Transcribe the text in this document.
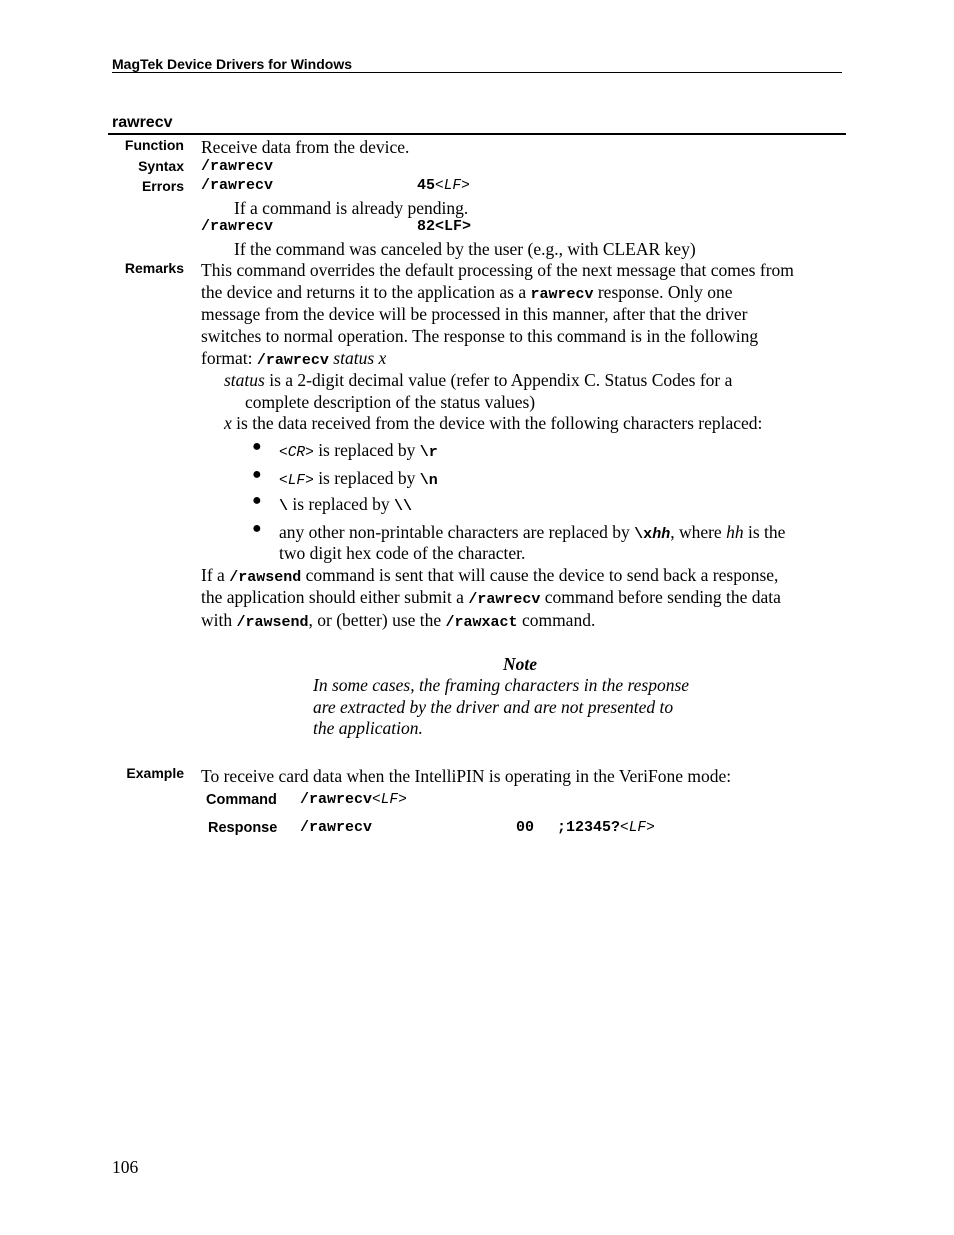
MagTek Device Drivers for Windows
rawrecv
Function Receive data from the device.
Syntax /rawrecv
Errors /rawrecv	45<LF>
If a command is already pending.
/rawrecv	82<LF>
If the command was canceled by the user (e.g., with CLEAR key)
Remarks This command overrides the default processing of the next message that comes from
the device and returns it to the application as a rawrecv response. Only one
message from the device will be processed in this manner, after that the driver
switches to normal operation. The response to this command is in the following
format: /rawrecv status x
status is a 2-digit decimal value (refer to Appendix C. Status Codes for a
complete description of the status values)
x is the data received from the device with the following characters replaced:
● <CR> is replaced by \r
● <LF> is replaced by \n
● \ is replaced by \\
● any other non-printable characters are replaced by \xhh, where hh is the
two digit hex code of the character.
If a /rawsend command is sent that will cause the device to send back a response,
the application should either submit a /rawrecv command before sending the data
with /rawsend, or (better) use the /rawxact command.
Note
In some cases, the framing characters in the response
are extracted by the driver and are not presented to
the application.
Example To receive card data when the IntelliPIN is operating in the VeriFone mode:
Command /rawrecv<LF>
Response /rawrecv	00 ;12345?<LF>
106
